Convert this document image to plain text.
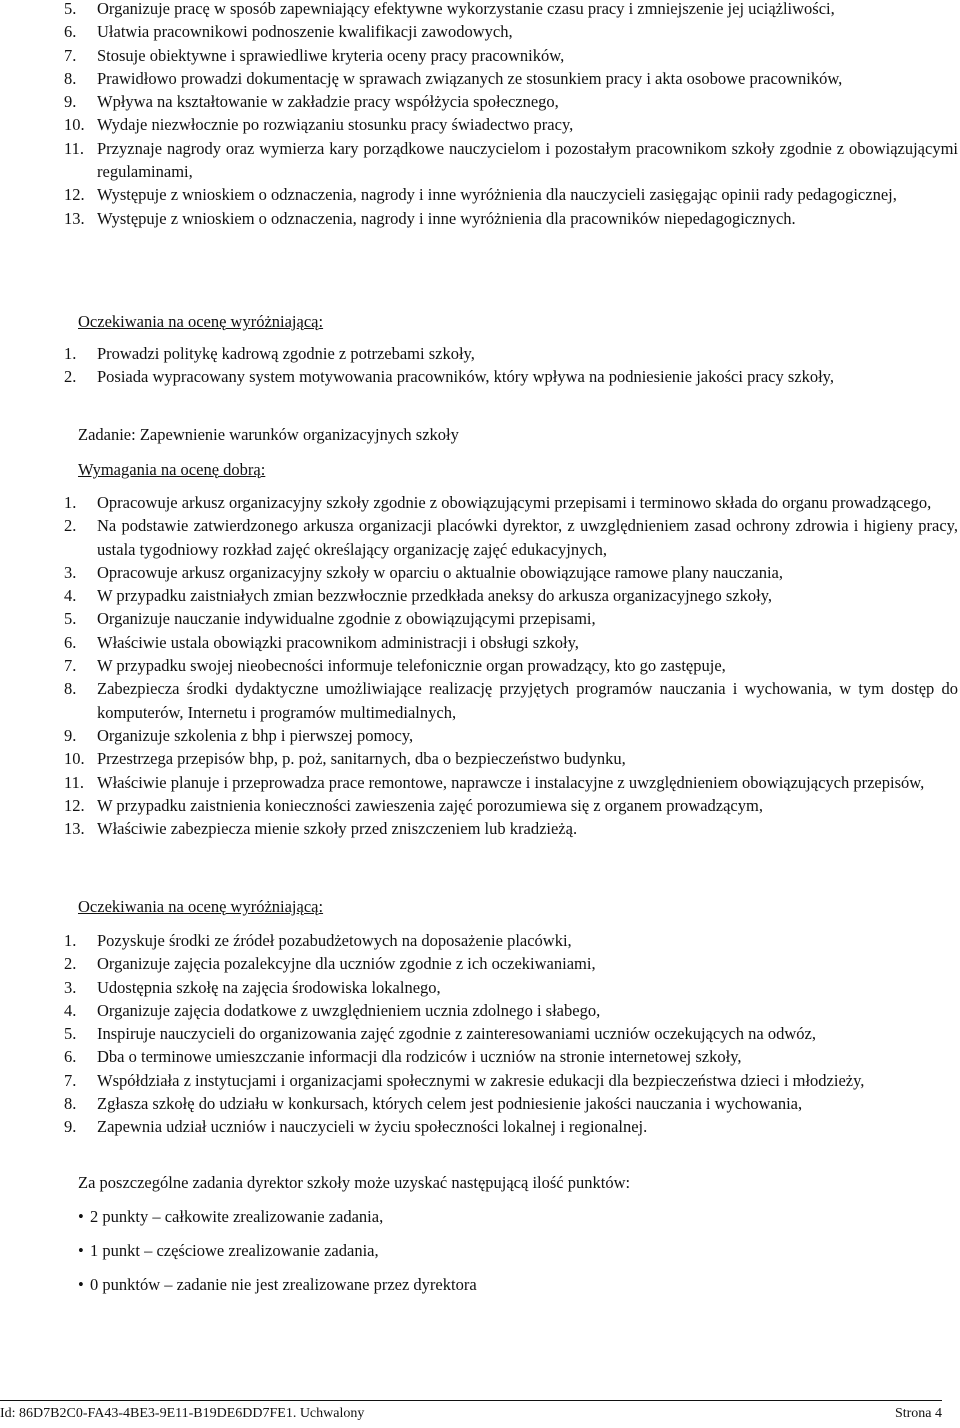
5.	Organizuje pracę w sposób zapewniający efektywne wykorzystanie czasu pracy i zmniejszenie jej uciążliwości,
6.	Ułatwia pracownikowi podnoszenie kwalifikacji zawodowych,
7.	Stosuje obiektywne i sprawiedliwe kryteria oceny pracy pracowników,
8.	Prawidłowo prowadzi dokumentację w sprawach związanych ze stosunkiem pracy i akta osobowe pracowników,
9.	Wpływa na kształtowanie w zakładzie pracy współżycia społecznego,
10. Wydaje niezwłocznie po rozwiązaniu stosunku pracy świadectwo pracy,
11. Przyznaje nagrody oraz wymierza kary porządkowe nauczycielom i pozostałym pracownikom szkoły zgodnie z obowiązującymi regulaminami,
12. Występuje z wnioskiem o odznaczenia, nagrody i inne wyróżnienia dla nauczycieli zasięgając opinii rady pedagogicznej,
13. Występuje z wnioskiem o odznaczenia, nagrody i inne wyróżnienia dla pracowników niepedagogicznych.
Oczekiwania na ocenę wyróżniającą:
1.	Prowadzi politykę kadrową zgodnie z potrzebami szkoły,
2.	Posiada wypracowany system motywowania pracowników, który wpływa na podniesienie jakości pracy szkoły,
Zadanie: Zapewnienie warunków organizacyjnych szkoły
Wymagania na ocenę dobrą:
1.	Opracowuje arkusz organizacyjny szkoły zgodnie z obowiązującymi przepisami i terminowo składa do organu prowadzącego,
2.	Na podstawie zatwierdzonego arkusza organizacji placówki dyrektor, z uwzględnieniem zasad ochrony zdrowia i higieny pracy, ustala tygodniowy rozkład zajęć określający organizację zajęć edukacyjnych,
3.	Opracowuje arkusz organizacyjny szkoły w oparciu o aktualnie obowiązujące ramowe plany nauczania,
4.	W przypadku zaistniałych zmian bezzwłocznie przedkłada aneksy do arkusza organizacyjnego szkoły,
5.	Organizuje nauczanie indywidualne zgodnie z obowiązującymi przepisami,
6.	Właściwie ustala obowiązki pracownikom administracji i obsługi szkoły,
7.	W przypadku swojej nieobecności informuje telefonicznie organ prowadzący, kto go zastępuje,
8.	Zabezpiecza środki dydaktyczne umożliwiające realizację przyjętych programów nauczania i wychowania, w tym dostęp do komputerów, Internetu i programów multimedialnych,
9.	Organizuje szkolenia z bhp i pierwszej pomocy,
10. Przestrzega przepisów bhp, p. poż, sanitarnych, dba o bezpieczeństwo budynku,
11. Właściwie planuje i przeprowadza prace remontowe, naprawcze i instalacyjne z uwzględnieniem obowiązujących przepisów,
12. W przypadku zaistnienia konieczności zawieszenia zajęć porozumiewa się z organem prowadzącym,
13. Właściwie zabezpiecza mienie szkoły przed zniszczeniem lub kradzieżą.
Oczekiwania na ocenę wyróżniającą:
1.	Pozyskuje środki ze źródeł pozabudżetowych na doposażenie placówki,
2.	Organizuje zajęcia pozalekcyjne dla uczniów zgodnie z ich oczekiwaniami,
3.	Udostępnia szkołę na zajęcia środowiska lokalnego,
4.	Organizuje zajęcia dodatkowe z uwzględnieniem ucznia zdolnego i słabego,
5.	Inspiruje nauczycieli do organizowania zajęć zgodnie z zainteresowaniami uczniów oczekujących na odwóz,
6.	Dba o terminowe umieszczanie informacji dla rodziców i uczniów na stronie internetowej szkoły,
7.	Współdziała z instytucjami i organizacjami społecznymi w zakresie edukacji dla bezpieczeństwa dzieci i młodzieży,
8.	Zgłasza szkołę do udziału w konkursach, których celem jest podniesienie jakości nauczania i wychowania,
9.	Zapewnia udział uczniów i nauczycieli w życiu społeczności lokalnej i regionalnej.

Za poszczególne zadania dyrektor szkoły może uzyskać następującą ilość punktów:

• 2 punkty – całkowite zrealizowanie zadania,
• 1 punkt – częściowe zrealizowanie zadania,
• 0 punktów – zadanie nie jest zrealizowane przez dyrektora
Id: 86D7B2C0-FA43-4BE3-9E11-B19DE6DD7FE1. Uchwalony	Strona 4
